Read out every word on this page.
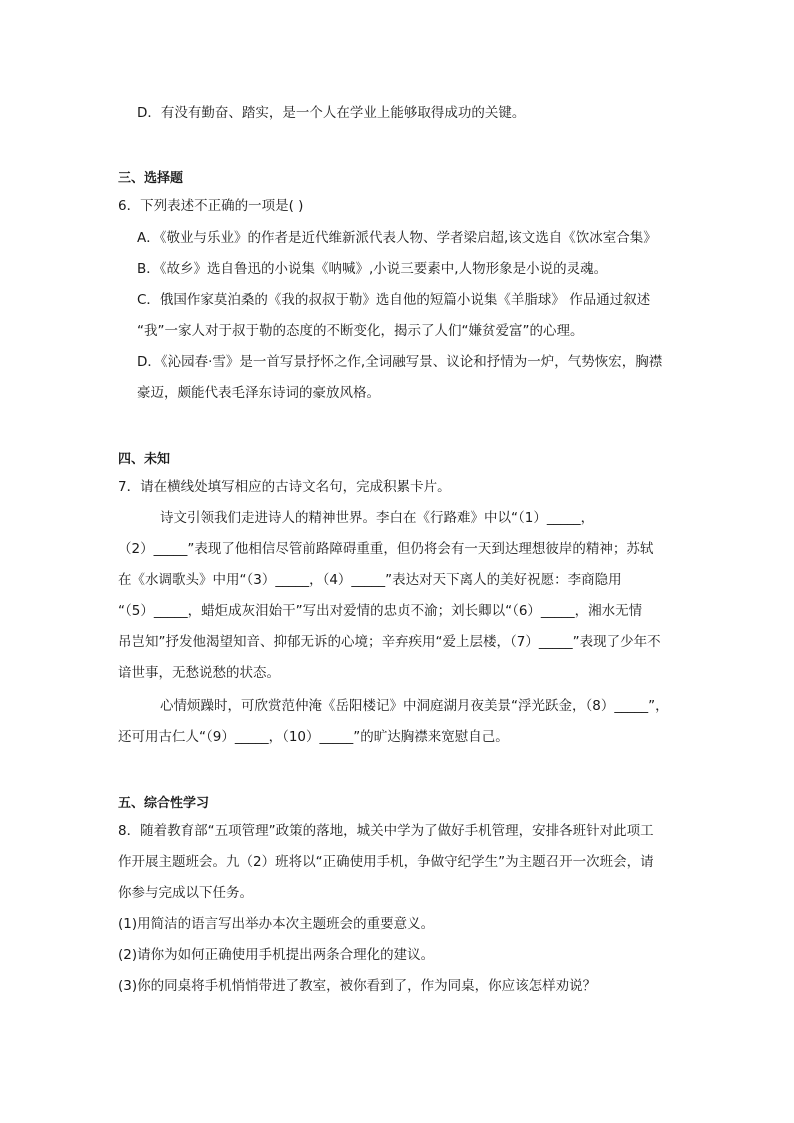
D．有没有勤奋、踏实，是一个人在学业上能够取得成功的关键。
三、选择题
6．下列表述不正确的一项是( )
A．《敬业与乐业》的作者是近代维新派代表人物、学者梁启超,该文选自《饮冰室合集》
B．《故乡》选自鲁迅的小说集《呐喊》,小说三要素中,人物形象是小说的灵魂。
C．俄国作家莫泊桑的《我的叔叔于勒》选自他的短篇小说集《羊脂球》 作品通过叙述
“我”一家人对于叔于勒的态度的不断变化，揭示了人们“嫌贫爱富”的心理。
D．《沁园春·雪》是一首写景抒怀之作,全词融写景、议论和抒情为一炉，气势恢宏，胸襟
豪迈，颇能代表毛泽东诗词的豪放风格。
四、未知
7．请在横线处填写相应的古诗文名句，完成积累卡片。
诗文引领我们走进诗人的精神世界。李白在《行路难》中以“（1）_____，
（2）_____”表现了他相信尽管前路障碍重重，但仍将会有一天到达理想彼岸的精神；苏轼
在《水调歌头》中用“（3）_____，（4）_____”表达对天下离人的美好祝愿：李商隐用
“（5）_____，蜡炬成灰泪始干”写出对爱情的忠贞不渝；刘长卿以“（6）_____，湘水无情
吊岂知”抒发他渴望知音、抑郁无诉的心境；辛弃疾用“爱上层楼，（7）_____”表现了少年不
谙世事，无愁说愁的状态。
心情烦躁时，可欣赏范仲淹《岳阳楼记》中洞庭湖月夜美景“浮光跃金，（8）_____”，
还可用古仁人“（9）_____，（10）_____”的旷达胸襟来宽慰自己。
五、综合性学习
8．随着教育部“五项管理”政策的落地，城关中学为了做好手机管理，安排各班针对此项工
作开展主题班会。九（2）班将以“正确使用手机，争做守纪学生”为主题召开一次班会，请
你参与完成以下任务。
(1)用简洁的语言写出举办本次主题班会的重要意义。
(2)请你为如何正确使用手机提出两条合理化的建议。
(3)你的同桌将手机悄悄带进了教室，被你看到了，作为同桌，你应该怎样劝说？
